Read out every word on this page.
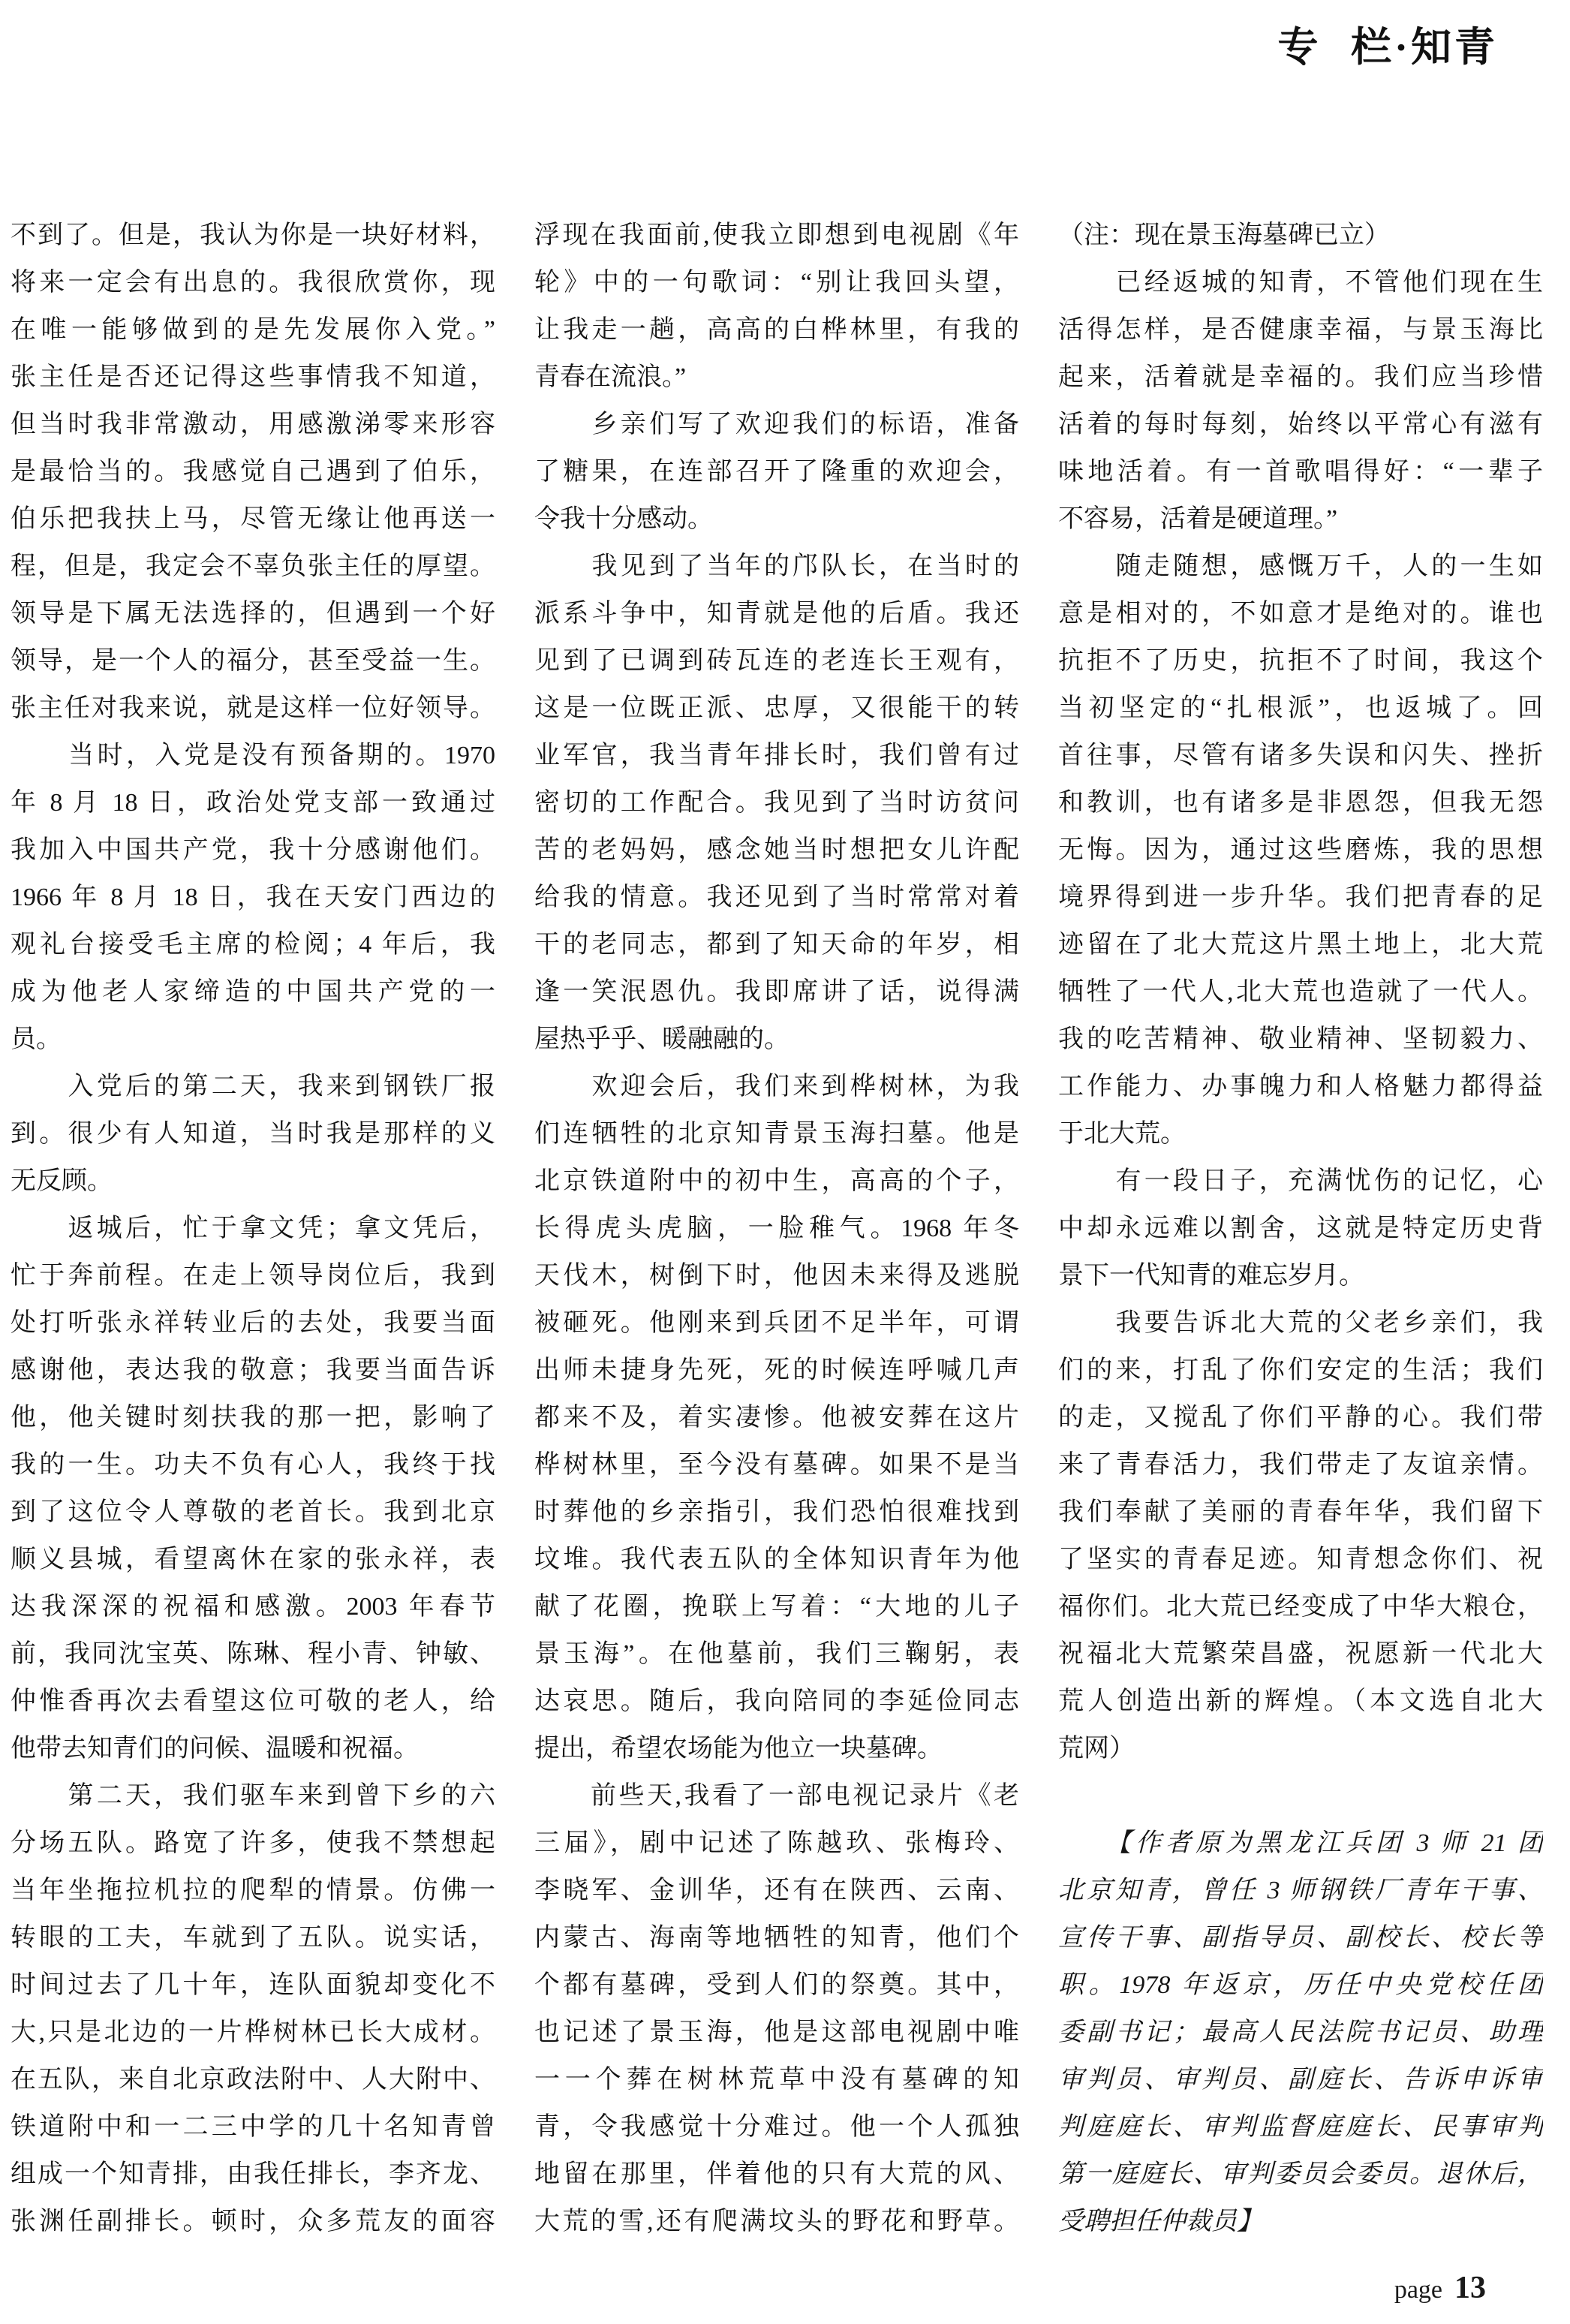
专 栏·知青
不到了。但是，我认为你是一块好材料，
将来一定会有出息的。我很欣赏你，现
在唯一能够做到的是先发展你入党。”
张主任是否还记得这些事情我不知道，
但当时我非常激动，用感激涕零来形容
是最恰当的。我感觉自己遇到了伯乐，
伯乐把我扶上马，尽管无缘让他再送一
程，但是，我定会不辜负张主任的厚望。
领导是下属无法选择的，但遇到一个好
领导，是一个人的福分，甚至受益一生。
张主任对我来说，就是这样一位好领导。
　　当时，入党是没有预备期的。1970
年 8 月 18 日，政治处党支部一致通过
我加入中国共产党，我十分感谢他们。
1966 年 8 月 18 日，我在天安门西边的
观礼台接受毛主席的检阅；4 年后，我
成为他老人家缔造的中国共产党的一
员。
　　入党后的第二天，我来到钢铁厂报
到。很少有人知道，当时我是那样的义
无反顾。
　　返城后，忙于拿文凭；拿文凭后，
忙于奔前程。在走上领导岗位后，我到
处打听张永祥转业后的去处，我要当面
感谢他，表达我的敬意；我要当面告诉
他，他关键时刻扶我的那一把，影响了
我的一生。功夫不负有心人，我终于找
到了这位令人尊敬的老首长。我到北京
顺义县城，看望离休在家的张永祥，表
达我深深的祝福和感激。2003 年春节
前，我同沈宝英、陈琳、程小青、钟敏、
仲惟香再次去看望这位可敬的老人，给
他带去知青们的问候、温暖和祝福。
　　第二天，我们驱车来到曾下乡的六
分场五队。路宽了许多，使我不禁想起
当年坐拖拉机拉的爬犁的情景。仿佛一
转眼的工夫，车就到了五队。说实话，
时间过去了几十年，连队面貌却变化不
大,只是北边的一片桦树林已长大成材。
在五队，来自北京政法附中、人大附中、
铁道附中和一二三中学的几十名知青曾
组成一个知青排，由我任排长，李齐龙、
张渊任副排长。顿时，众多荒友的面容
浮现在我面前,使我立即想到电视剧《年
轮》中的一句歌词：“别让我回头望，
让我走一趟，高高的白桦林里，有我的
青春在流浪。”
　　乡亲们写了欢迎我们的标语，准备
了糖果，在连部召开了隆重的欢迎会，
令我十分感动。
　　我见到了当年的邝队长，在当时的
派系斗争中，知青就是他的后盾。我还
见到了已调到砖瓦连的老连长王观有，
这是一位既正派、忠厚，又很能干的转
业军官，我当青年排长时，我们曾有过
密切的工作配合。我见到了当时访贫问
苦的老妈妈，感念她当时想把女儿许配
给我的情意。我还见到了当时常常对着
干的老同志，都到了知天命的年岁，相
逢一笑泯恩仇。我即席讲了话，说得满
屋热乎乎、暖融融的。
　　欢迎会后，我们来到桦树林，为我
们连牺牲的北京知青景玉海扫墓。他是
北京铁道附中的初中生，高高的个子，
长得虎头虎脑，一脸稚气。1968 年冬
天伐木，树倒下时，他因未来得及逃脱
被砸死。他刚来到兵团不足半年，可谓
出师未捷身先死，死的时候连呼喊几声
都来不及，着实凄惨。他被安葬在这片
桦树林里，至今没有墓碑。如果不是当
时葬他的乡亲指引，我们恐怕很难找到
坟堆。我代表五队的全体知识青年为他
献了花圈，挽联上写着：“大地的儿子
景玉海”。在他墓前，我们三鞠躬，表
达哀思。随后，我向陪同的李延俭同志
提出，希望农场能为他立一块墓碑。
　　前些天,我看了一部电视记录片《老
三届》，剧中记述了陈越玖、张梅玲、
李晓军、金训华，还有在陕西、云南、
内蒙古、海南等地牺牲的知青，他们个
个都有墓碑，受到人们的祭奠。其中，
也记述了景玉海，他是这部电视剧中唯
一一个葬在树林荒草中没有墓碑的知
青，令我感觉十分难过。他一个人孤独
地留在那里，伴着他的只有大荒的风、
大荒的雪,还有爬满坟头的野花和野草。
（注：现在景玉海墓碑已立）
　　已经返城的知青，不管他们现在生
活得怎样，是否健康幸福，与景玉海比
起来，活着就是幸福的。我们应当珍惜
活着的每时每刻，始终以平常心有滋有
味地活着。有一首歌唱得好：“一辈子
不容易，活着是硬道理。”
　　随走随想，感慨万千，人的一生如
意是相对的，不如意才是绝对的。谁也
抗拒不了历史，抗拒不了时间，我这个
当初坚定的“扎根派”，也返城了。回
首往事，尽管有诸多失误和闪失、挫折
和教训，也有诸多是非恩怨，但我无怨
无悔。因为，通过这些磨炼，我的思想
境界得到进一步升华。我们把青春的足
迹留在了北大荒这片黑土地上，北大荒
牺牲了一代人,北大荒也造就了一代人。
我的吃苦精神、敬业精神、坚韧毅力、
工作能力、办事魄力和人格魅力都得益
于北大荒。
　　有一段日子，充满忧伤的记忆，心
中却永远难以割舍，这就是特定历史背
景下一代知青的难忘岁月。
　　我要告诉北大荒的父老乡亲们，我
们的来，打乱了你们安定的生活；我们
的走，又搅乱了你们平静的心。我们带
来了青春活力，我们带走了友谊亲情。
我们奉献了美丽的青春年华，我们留下
了坚实的青春足迹。知青想念你们、祝
福你们。北大荒已经变成了中华大粮仓，
祝福北大荒繁荣昌盛，祝愿新一代北大
荒人创造出新的辉煌。（本文选自北大
荒网）
　　【作者原为黑龙江兵团 3 师 21 团
北京知青，曾任 3 师钢铁厂青年干事、
宣传干事、副指导员、副校长、校长等
职。1978 年返京，历任中央党校任团
委副书记；最高人民法院书记员、助理
审判员、审判员、副庭长、告诉申诉审
判庭庭长、审判监督庭庭长、民事审判
第一庭庭长、审判委员会委员。退休后，
受聘担任仲裁员】
page 13
